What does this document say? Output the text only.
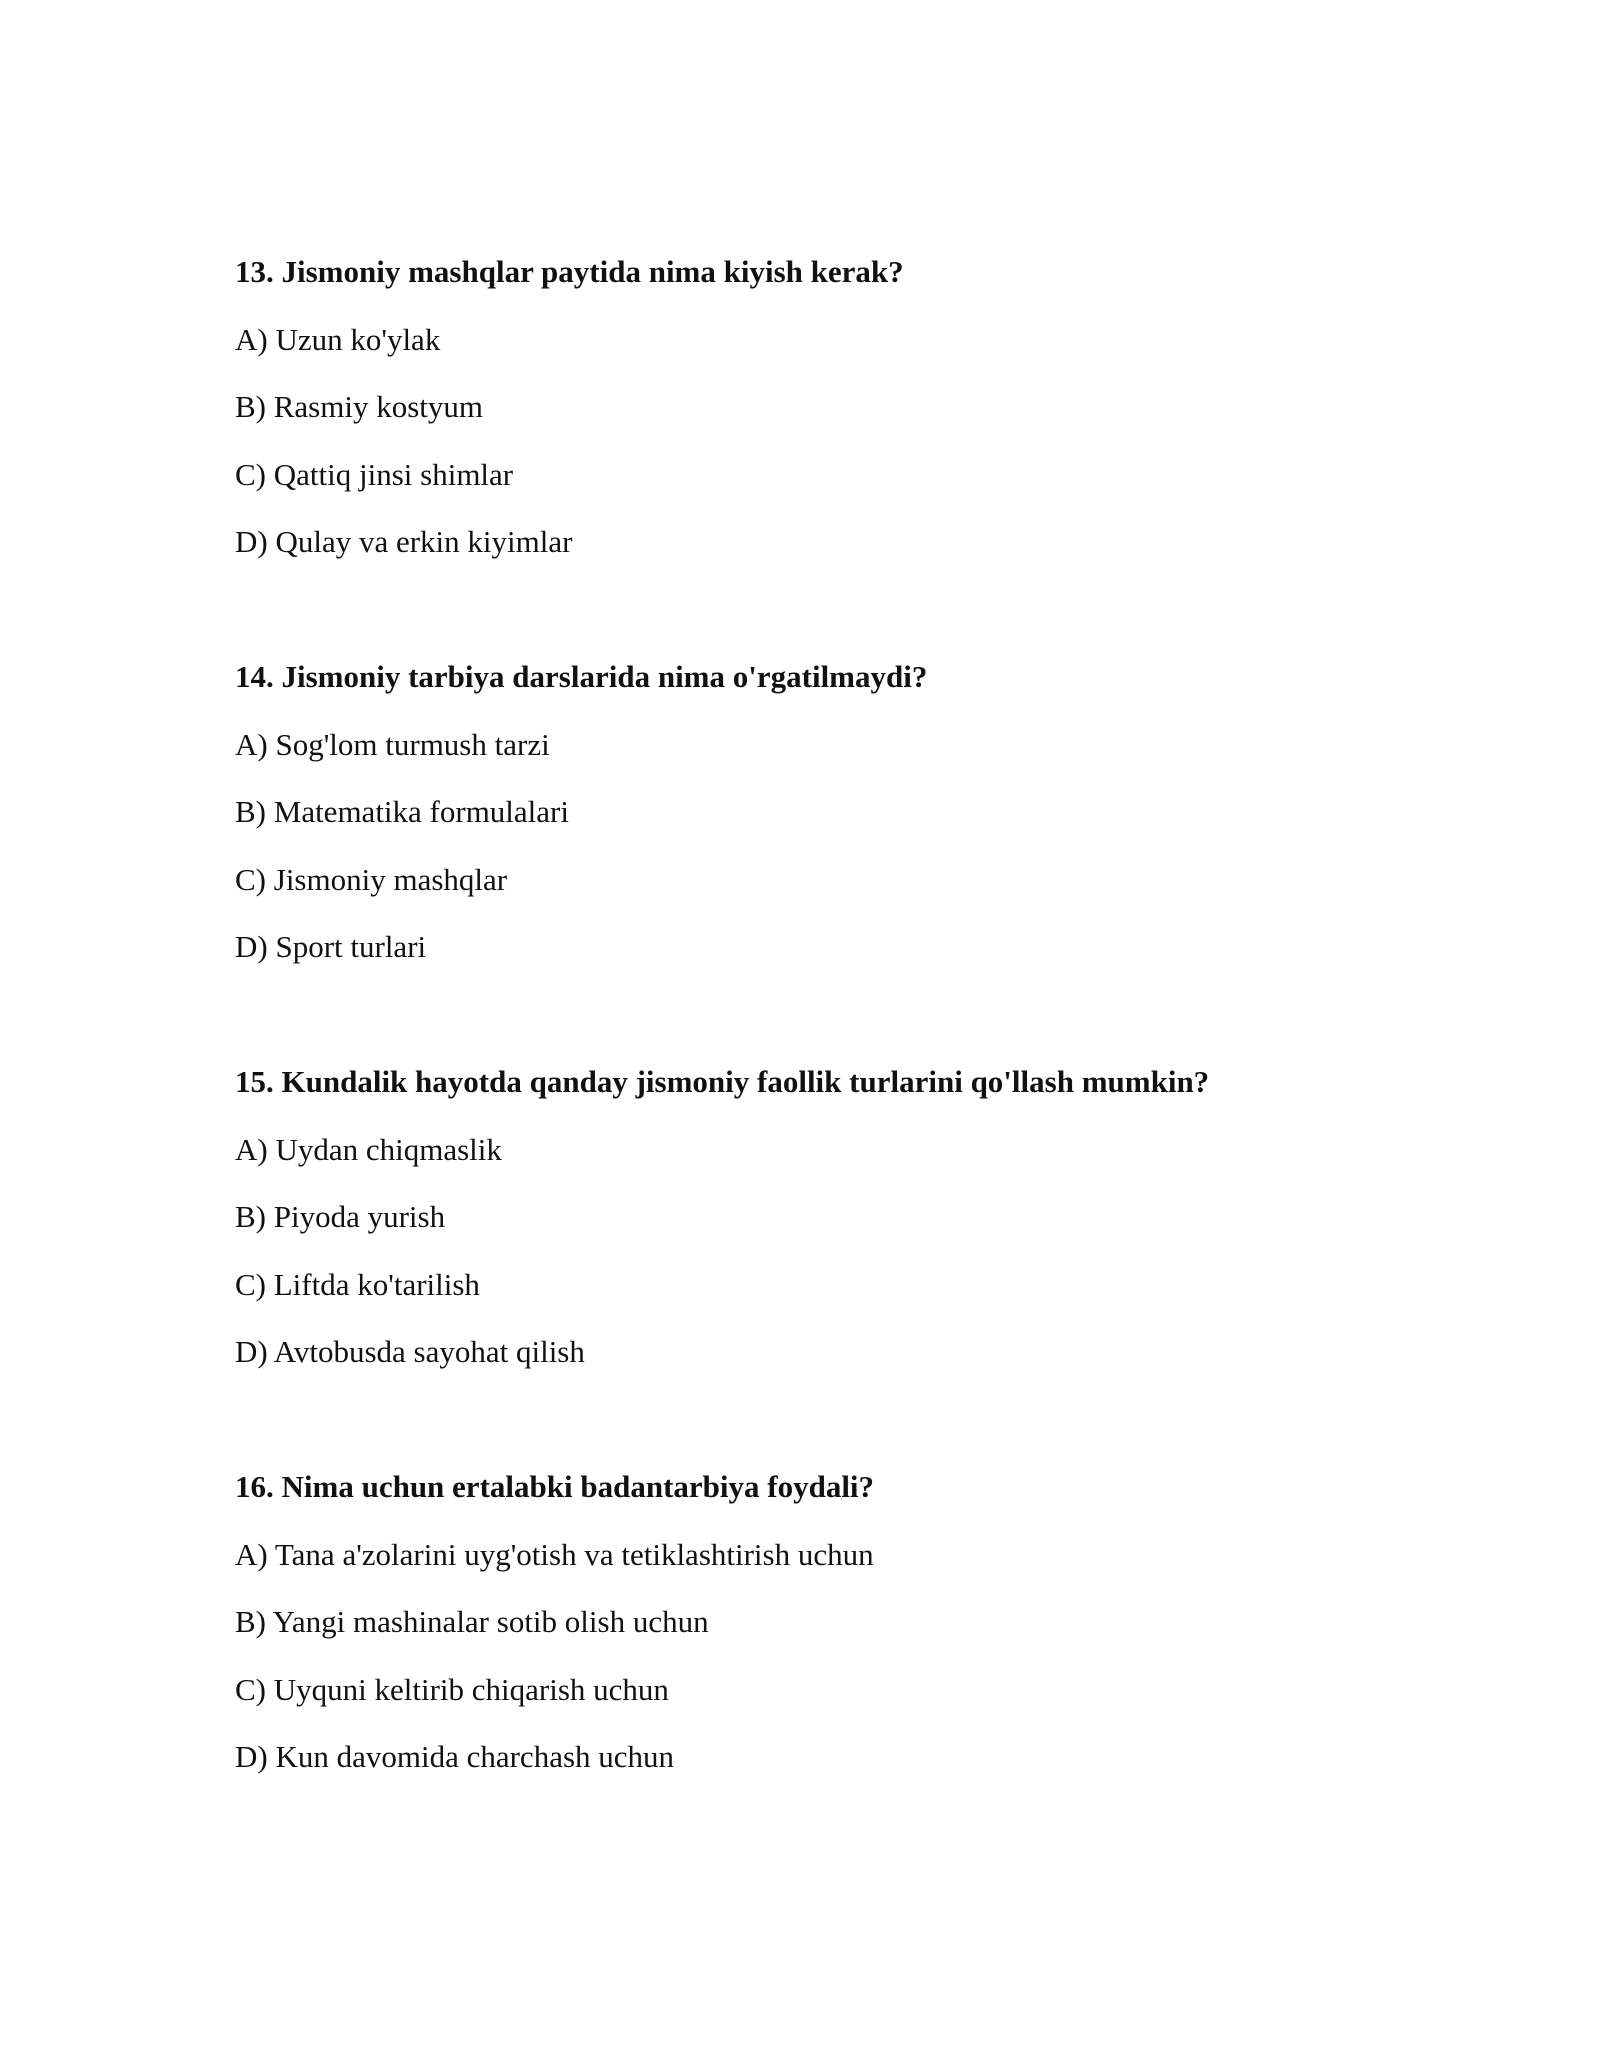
13. Jismoniy mashqlar paytida nima kiyish kerak?

A) Uzun ko'ylak
B) Rasmiy kostyum
C) Qattiq jinsi shimlar
D) Qulay va erkin kiyimlar

14. Jismoniy tarbiya darslarida nima o'rgatilmaydi?

A) Sog'lom turmush tarzi
B) Matematika formulalari
C) Jismoniy mashqlar
D) Sport turlari

15. Kundalik hayotda qanday jismoniy faollik turlarini qo'llash mumkin?

A) Uydan chiqmaslik
B) Piyoda yurish
C) Liftda ko'tarilish
D) Avtobusda sayohat qilish

16. Nima uchun ertalabki badantarbiya foydali?

A) Tana a'zolarini uyg'otish va tetiklashtirish uchun
B) Yangi mashinalar sotib olish uchun
C) Uyquni keltirib chiqarish uchun
D) Kun davomida charchash uchun
